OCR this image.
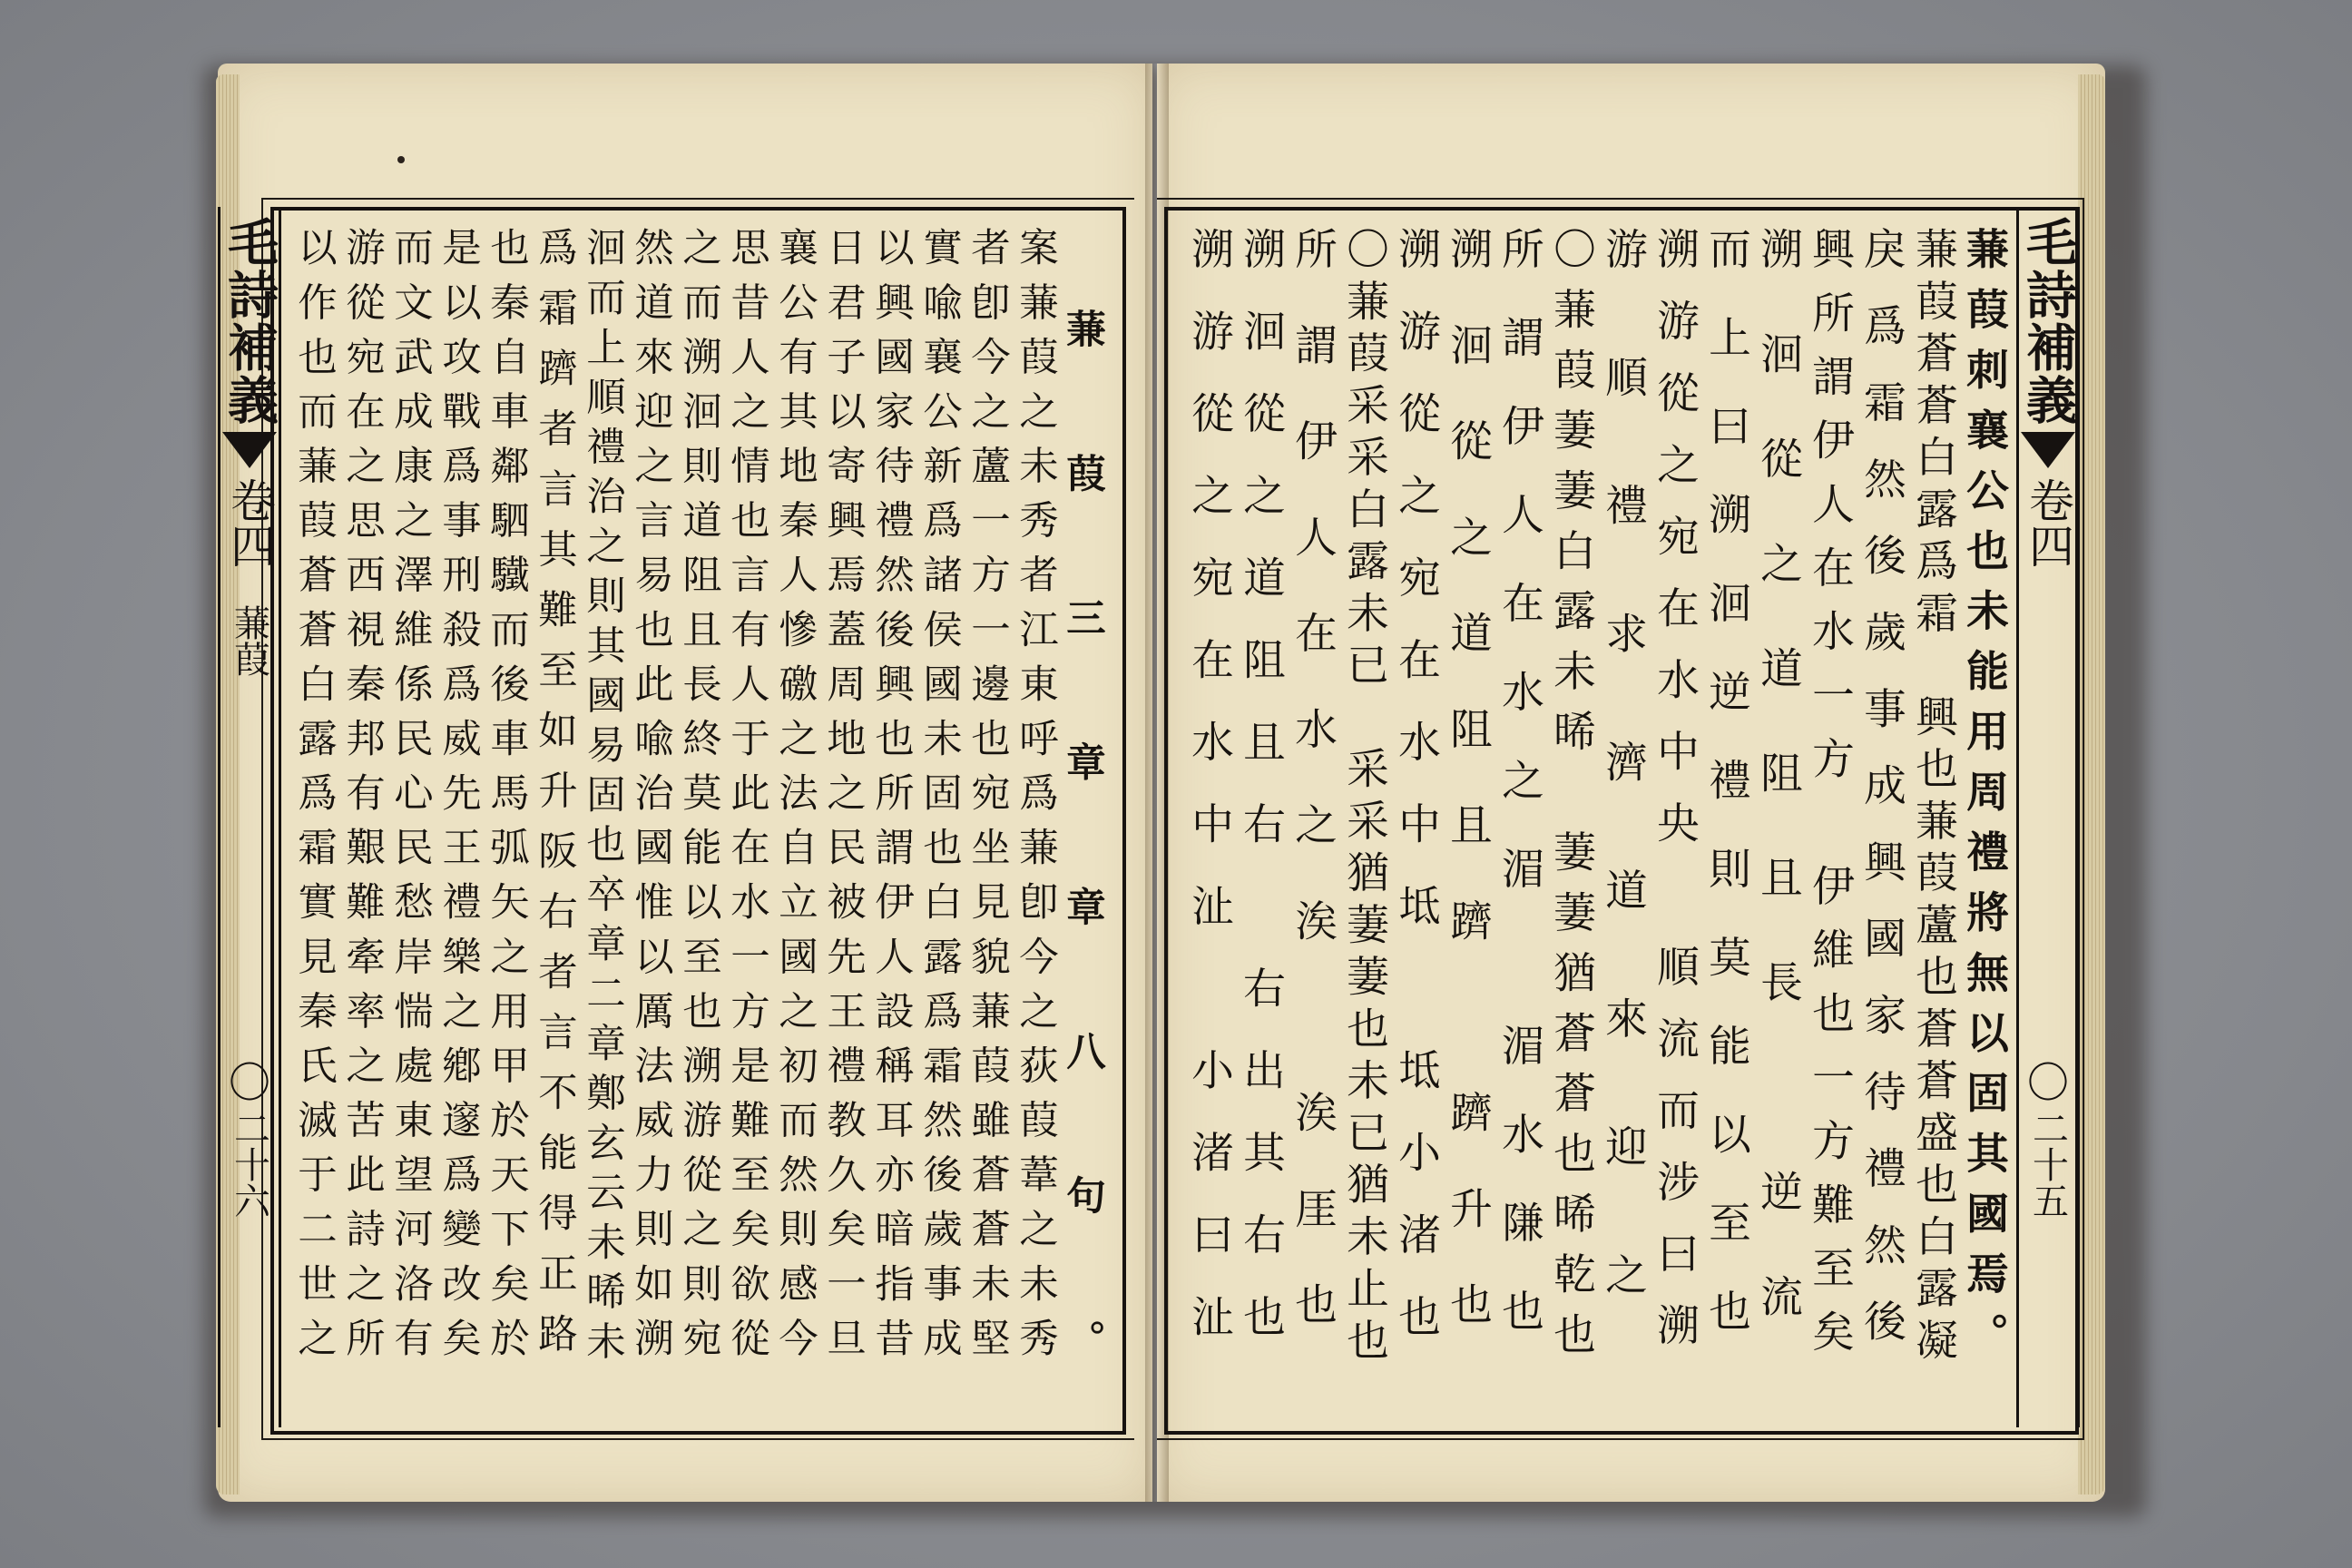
毛詩補義
卷四
蒹葭
〇
二十六
毛詩補義
卷四
〇
二十五
蒹葭刺襄公也未能用周禮將無以固其國焉。
蒹葭蒼蒼白露爲霜　興也蒹葭蘆也蒼蒼盛也白露凝
戾爲霜然後歲事成興國家待禮然後
興所謂伊人在水一方　伊維也一方難至矣
溯洄從之道阻且長　逆流
而上曰溯洄逆禮則莫能以至也
溯游從之宛在水中央　順流而涉曰溯
游順禮求濟道來迎之
〇蒹葭萋萋白露未晞　萋萋猶蒼蒼也晞乾也
所謂伊人在水之湄　湄水隒也
溯洄從之道阻且躋　躋升也
溯游從之宛在水中坻　坻小渚也
〇蒹葭采采白露未已　采采猶萋萋也未已猶未止也
所謂伊人在水之涘　涘厓也
溯洄從之道阻且右　右出其右也
溯游從之宛在水中沚　小渚曰沚
蒹葭三章章八句。
案蒹葭之未秀者江東呼爲蒹卽今之荻葭葦之未秀
者卽今之蘆一方一邊也宛坐見貌蒹葭雖蒼蒼未堅
實喩襄公新爲諸侯國未固也白露爲霜然後歲事成
以興國家待禮然後興也所謂伊人設稱耳亦暗指昔
日君子以寄興焉蓋周地之民被先王禮教久矣一旦
襄公有其地秦人慘礉之法自立國之初而然則感今
思昔人之情也言有人于此在水一方是難至矣欲從
之而溯洄則道阻且長終莫能以至也溯游從之則宛
然道來迎之言易也此喩治國惟以厲法威力則如溯
洄而上順禮治之則其國易固也卒章二章鄭玄云未晞未
爲霜躋者言其難至如升阪右者言不能得正路
也秦自車鄰駟驖而後車馬弧矢之用甲於天下矣於
是以攻戰爲事刑殺爲威先王禮樂之鄕邃爲變改矣
而文武成康之澤維係民心民愁岸惴處東望河洛有
游從宛在之思西視秦邦有艱難牽率之苦此詩之所
以作也而蒹葭蒼蒼白露爲霜實見秦氏滅于二世之
